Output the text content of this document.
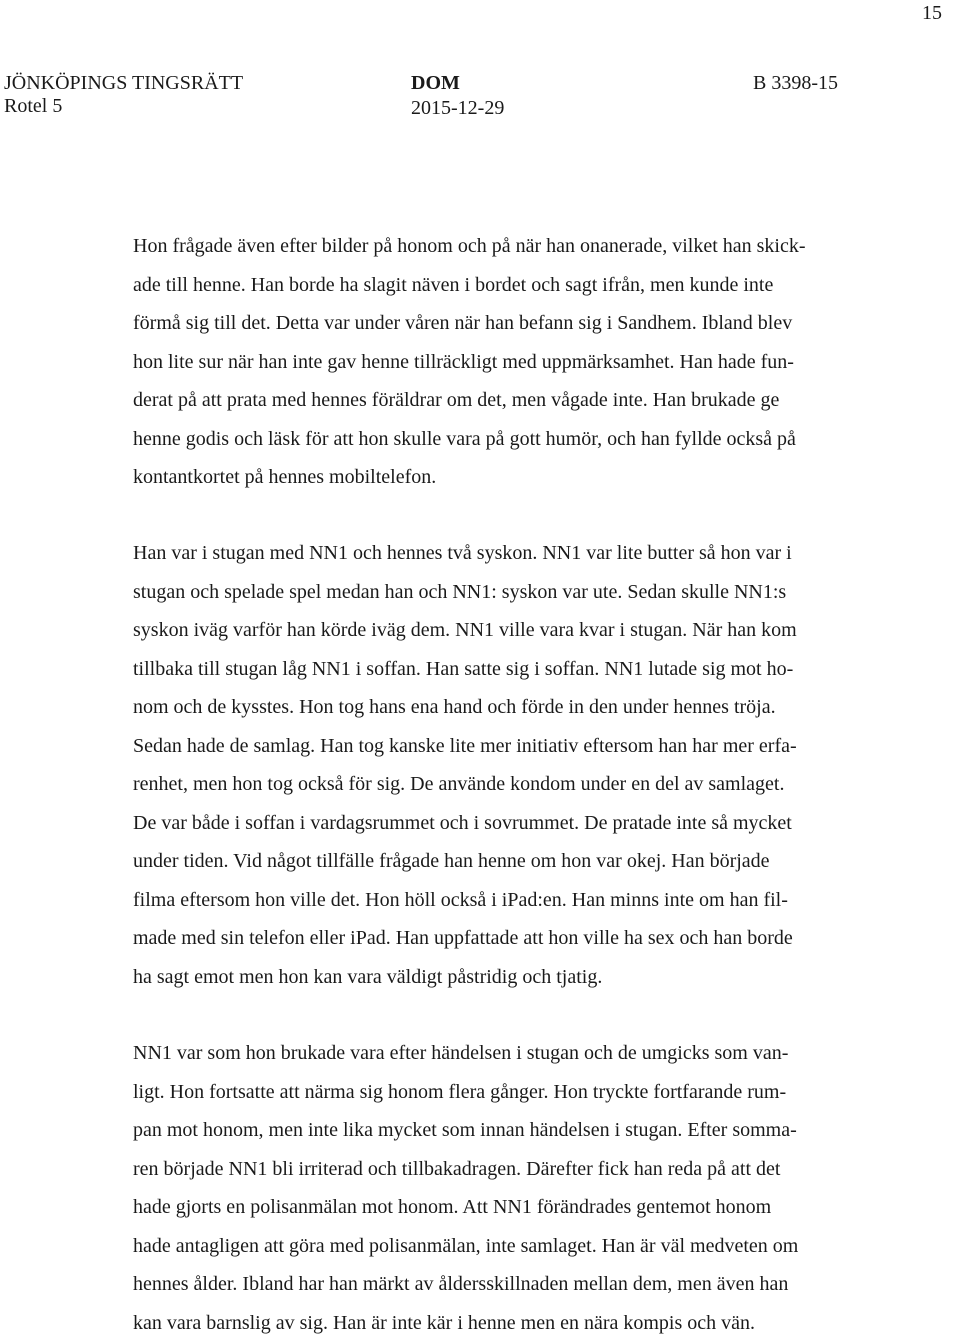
15
JÖNKÖPINGS TINGSRÄTT
Rotel 5
DOM
2015-12-29
B 3398-15
Hon frågade även efter bilder på honom och på när han onanerade, vilket han skick-
ade till henne. Han borde ha slagit näven i bordet och sagt ifrån, men kunde inte
förmå sig till det. Detta var under våren när han befann sig i Sandhem. Ibland blev
hon lite sur när han inte gav henne tillräckligt med uppmärksamhet. Han hade fun-
derat på att prata med hennes föräldrar om det, men vågade inte. Han brukade ge
henne godis och läsk för att hon skulle vara på gott humör, och han fyllde också på
kontantkortet på hennes mobiltelefon.
Han var i stugan med NN1 och hennes två syskon. NN1 var lite butter så hon var i
stugan och spelade spel medan han och NN1: syskon var ute. Sedan skulle NN1:s
syskon iväg varför han körde iväg dem. NN1 ville vara kvar i stugan. När han kom
tillbaka till stugan låg NN1 i soffan. Han satte sig i soffan. NN1 lutade sig mot ho-
nom och de kysstes. Hon tog hans ena hand och förde in den under hennes tröja.
Sedan hade de samlag. Han tog kanske lite mer initiativ eftersom han har mer erfa-
renhet, men hon tog också för sig. De använde kondom under en del av samlaget.
De var både i soffan i vardagsrummet och i sovrummet. De pratade inte så mycket
under tiden. Vid något tillfälle frågade han henne om hon var okej. Han började
filma eftersom hon ville det. Hon höll också i iPad:en. Han minns inte om han fil-
made med sin telefon eller iPad. Han uppfattade att hon ville ha sex och han borde
ha sagt emot men hon kan vara väldigt påstridig och tjatig.
NN1 var som hon brukade vara efter händelsen i stugan och de umgicks som van-
ligt. Hon fortsatte att närma sig honom flera gånger. Hon tryckte fortfarande rum-
pan mot honom, men inte lika mycket som innan händelsen i stugan. Efter somma-
ren började NN1 bli irriterad och tillbakadragen. Därefter fick han reda på att det
hade gjorts en polisanmälan mot honom. Att NN1 förändrades gentemot honom
hade antagligen att göra med polisanmälan, inte samlaget. Han är väl medveten om
hennes ålder. Ibland har han märkt av åldersskillnaden mellan dem, men även han
kan vara barnslig av sig. Han är inte kär i henne men en nära kompis och vän.
